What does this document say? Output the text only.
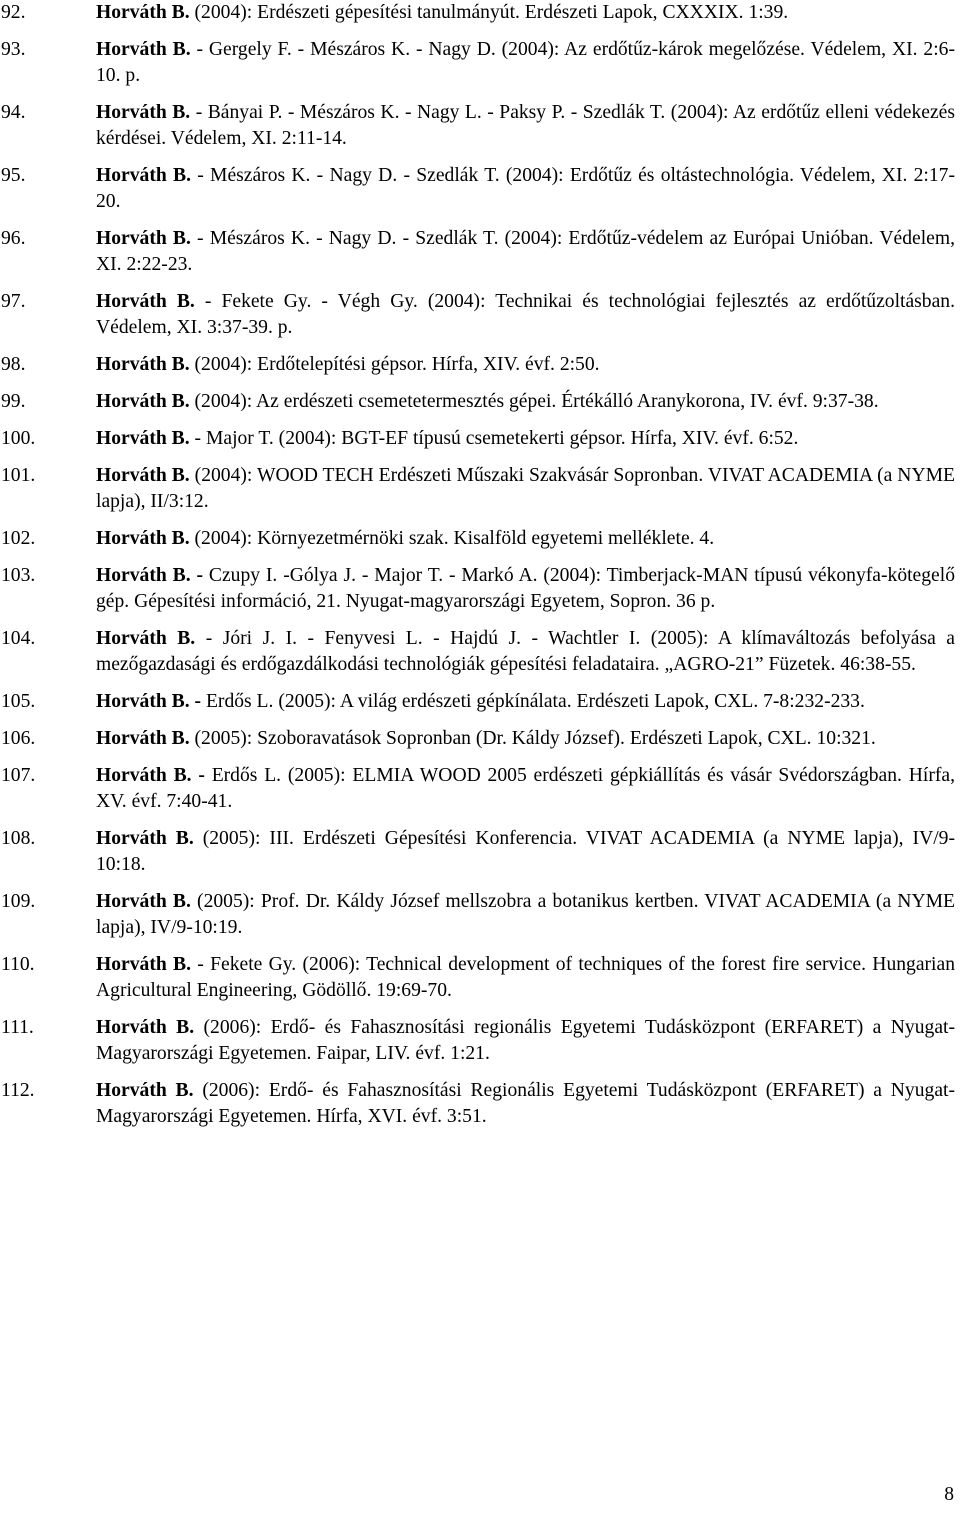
92.	Horváth B. (2004): Erdészeti gépesítési tanulmányút. Erdészeti Lapok, CXXXIX. 1:39.
93.	Horváth B. - Gergely F. - Mészáros K. - Nagy D. (2004): Az erdőtűz-károk megelőzése. Védelem, XI. 2:6-10. p.
94.	Horváth B. - Bányai P. - Mészáros K. - Nagy L. - Paksy P. - Szedlák T. (2004): Az erdőtűz elleni védekezés kérdései. Védelem, XI. 2:11-14.
95.	Horváth B. - Mészáros K. - Nagy D. - Szedlák T. (2004): Erdőtűz és oltástechnológia. Védelem, XI. 2:17-20.
96.	Horváth B. - Mészáros K. - Nagy D. - Szedlák T. (2004): Erdőtűz-védelem az Európai Unióban. Védelem, XI. 2:22-23.
97.	Horváth B. - Fekete Gy. - Végh Gy. (2004): Technikai és technológiai fejlesztés az erdőtűzoltásban. Védelem, XI. 3:37-39. p.
98.	Horváth B. (2004): Erdőtelepítési gépsor. Hírfa, XIV. évf. 2:50.
99.	Horváth B. (2004): Az erdészeti csemetetermesztés gépei. Értékálló Aranykorona, IV. évf. 9:37-38.
100.	Horváth B. - Major T. (2004): BGT-EF típusú csemetekerti gépsor. Hírfa, XIV. évf. 6:52.
101.	Horváth B. (2004): WOOD TECH Erdészeti Műszaki Szakvásár Sopronban. VIVAT ACADEMIA (a NYME lapja), II/3:12.
102.	Horváth B. (2004): Környezetmérnöki szak. Kisalföld egyetemi melléklete. 4.
103.	Horváth B. - Czupy I. -Gólya J. - Major T. - Markó A. (2004): Timberjack-MAN típusú vékonyfa-kötegelő gép. Gépesítési információ, 21. Nyugat-magyarországi Egyetem, Sopron. 36 p.
104.	Horváth B. - Jóri J. I. - Fenyvesi L. - Hajdú J. - Wachtler I. (2005): A klímaváltozás befolyása a mezőgazdasági és erdőgazdálkodási technológiák gépesítési feladataira. „AGRO-21” Füzetek. 46:38-55.
105.	Horváth B. - Erdős L. (2005): A világ erdészeti gépkínálata. Erdészeti Lapok, CXL. 7-8:232-233.
106.	Horváth B. (2005): Szoboravatások Sopronban (Dr. Káldy József). Erdészeti Lapok, CXL. 10:321.
107.	Horváth B. - Erdős L. (2005): ELMIA WOOD 2005 erdészeti gépkiállítás és vásár Svédországban. Hírfa, XV. évf. 7:40-41.
108.	Horváth B. (2005): III. Erdészeti Gépesítési Konferencia. VIVAT ACADEMIA (a NYME lapja), IV/9-10:18.
109.	Horváth B. (2005): Prof. Dr. Káldy József mellszobra a botanikus kertben. VIVAT ACADEMIA (a NYME lapja), IV/9-10:19.
110.	Horváth B. - Fekete Gy. (2006): Technical development of techniques of the forest fire service. Hungarian Agricultural Engineering, Gödöllő. 19:69-70.
111.	Horváth B. (2006): Erdő- és Fahasznosítási regionális Egyetemi Tudásközpont (ERFARET) a Nyugat-Magyarországi Egyetemen. Faipar, LIV. évf. 1:21.
112.	Horváth B. (2006): Erdő- és Fahasznosítási Regionális Egyetemi Tudásközpont (ERFARET) a Nyugat-Magyarországi Egyetemen. Hírfa, XVI. évf. 3:51.
8
